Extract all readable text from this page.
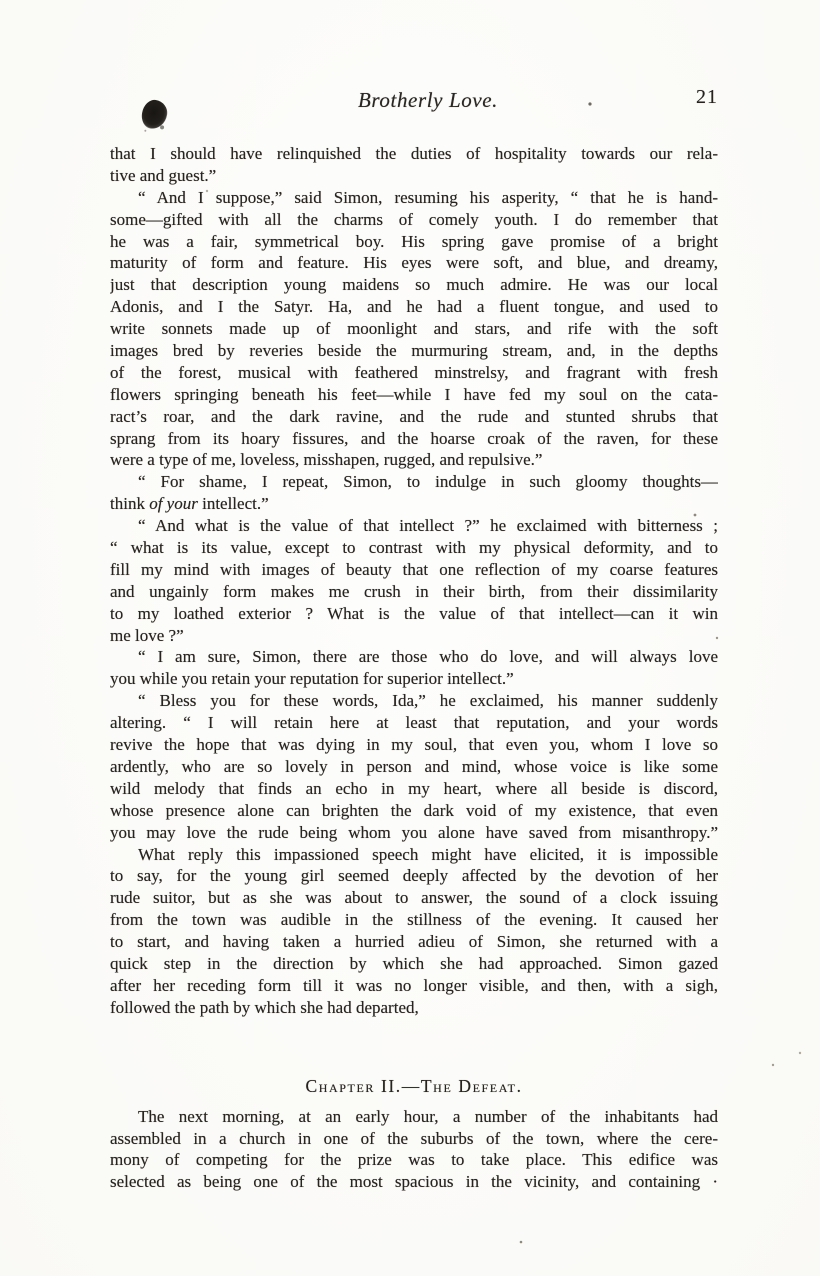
Brotherly Love.	21
that I should have relinquished the duties of hospitality towards our rela-
tive and guest.”
“ And I suppose,” said Simon, resuming his asperity, “ that he is hand-
some—gifted with all the charms of comely youth. I do remember that
he was a fair, symmetrical boy. His spring gave promise of a bright
maturity of form and feature. His eyes were soft, and blue, and dreamy,
just that description young maidens so much admire. He was our local
Adonis, and I the Satyr. Ha, and he had a fluent tongue, and used to
write sonnets made up of moonlight and stars, and rife with the soft
images bred by reveries beside the murmuring stream, and, in the depths
of the forest, musical with feathered minstrelsy, and fragrant with fresh
flowers springing beneath his feet—while I have fed my soul on the cata-
ract’s roar, and the dark ravine, and the rude and stunted shrubs that
sprang from its hoary fissures, and the hoarse croak of the raven, for these
were a type of me, loveless, misshapen, rugged, and repulsive.”
“ For shame, I repeat, Simon, to indulge in such gloomy thoughts—
think of your intellect.”
“ And what is the value of that intellect ?” he exclaimed with bitterness ;
“ what is its value, except to contrast with my physical deformity, and to
fill my mind with images of beauty that one reflection of my coarse features
and ungainly form makes me crush in their birth, from their dissimilarity
to my loathed exterior ? What is the value of that intellect—can it win
me love ?”
“ I am sure, Simon, there are those who do love, and will always love
you while you retain your reputation for superior intellect.”
“ Bless you for these words, Ida,” he exclaimed, his manner suddenly
altering. “ I will retain here at least that reputation, and your words
revive the hope that was dying in my soul, that even you, whom I love so
ardently, who are so lovely in person and mind, whose voice is like some
wild melody that finds an echo in my heart, where all beside is discord,
whose presence alone can brighten the dark void of my existence, that even
you may love the rude being whom you alone have saved from misanthropy.”
What reply this impassioned speech might have elicited, it is impossible
to say, for the young girl seemed deeply affected by the devotion of her
rude suitor, but as she was about to answer, the sound of a clock issuing
from the town was audible in the stillness of the evening. It caused her
to start, and having taken a hurried adieu of Simon, she returned with a
quick step in the direction by which she had approached. Simon gazed
after her receding form till it was no longer visible, and then, with a sigh,
followed the path by which she had departed,
Chapter II.—The Defeat.
The next morning, at an early hour, a number of the inhabitants had
assembled in a church in one of the suburbs of the town, where the cere-
mony of competing for the prize was to take place. This edifice was
selected as being one of the most spacious in the vicinity, and containing ·
